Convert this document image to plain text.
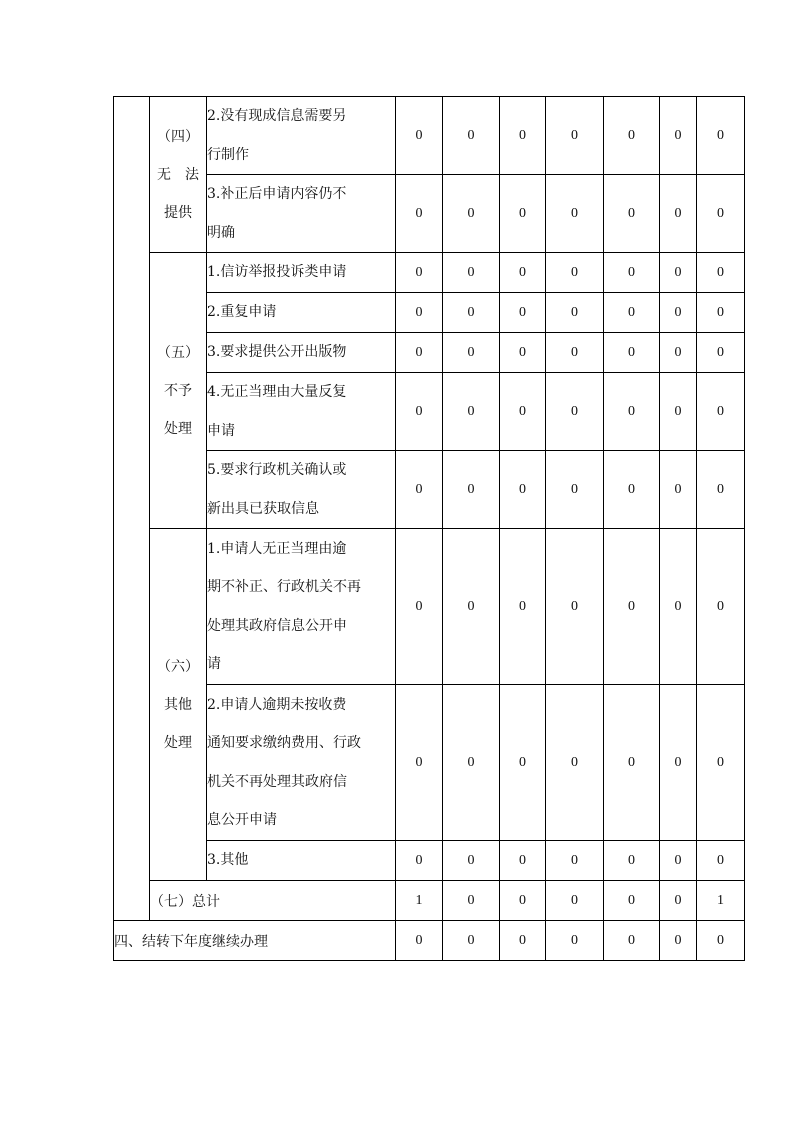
	（四）
无　法
提供	2.没有现成信息需要另
行制作	0	0	0	0	0	0	0

		3.补正后申请内容仍不
明确	0	0	0	0	0	0	0

	（五）
不予
处理	1.信访举报投诉类申请	0	0	0	0	0	0	0

		2.重复申请	0	0	0	0	0	0	0

		3.要求提供公开出版物	0	0	0	0	0	0	0

		4.无正当理由大量反复
申请	0	0	0	0	0	0	0

		5.要求行政机关确认或
新出具已获取信息	0	0	0	0	0	0	0

	（六）
其他
处理	1.申请人无正当理由逾
期不补正、行政机关不再
处理其政府信息公开申
请	0	0	0	0	0	0	0

		2.申请人逾期未按收费
通知要求缴纳费用、行政
机关不再处理其政府信
息公开申请	0	0	0	0	0	0	0

		3.其他	0	0	0	0	0	0	0
	（七）总计		1	0	0	0	0	0	1
四、结转下年度继续办理			0	0	0	0	0	0	0
